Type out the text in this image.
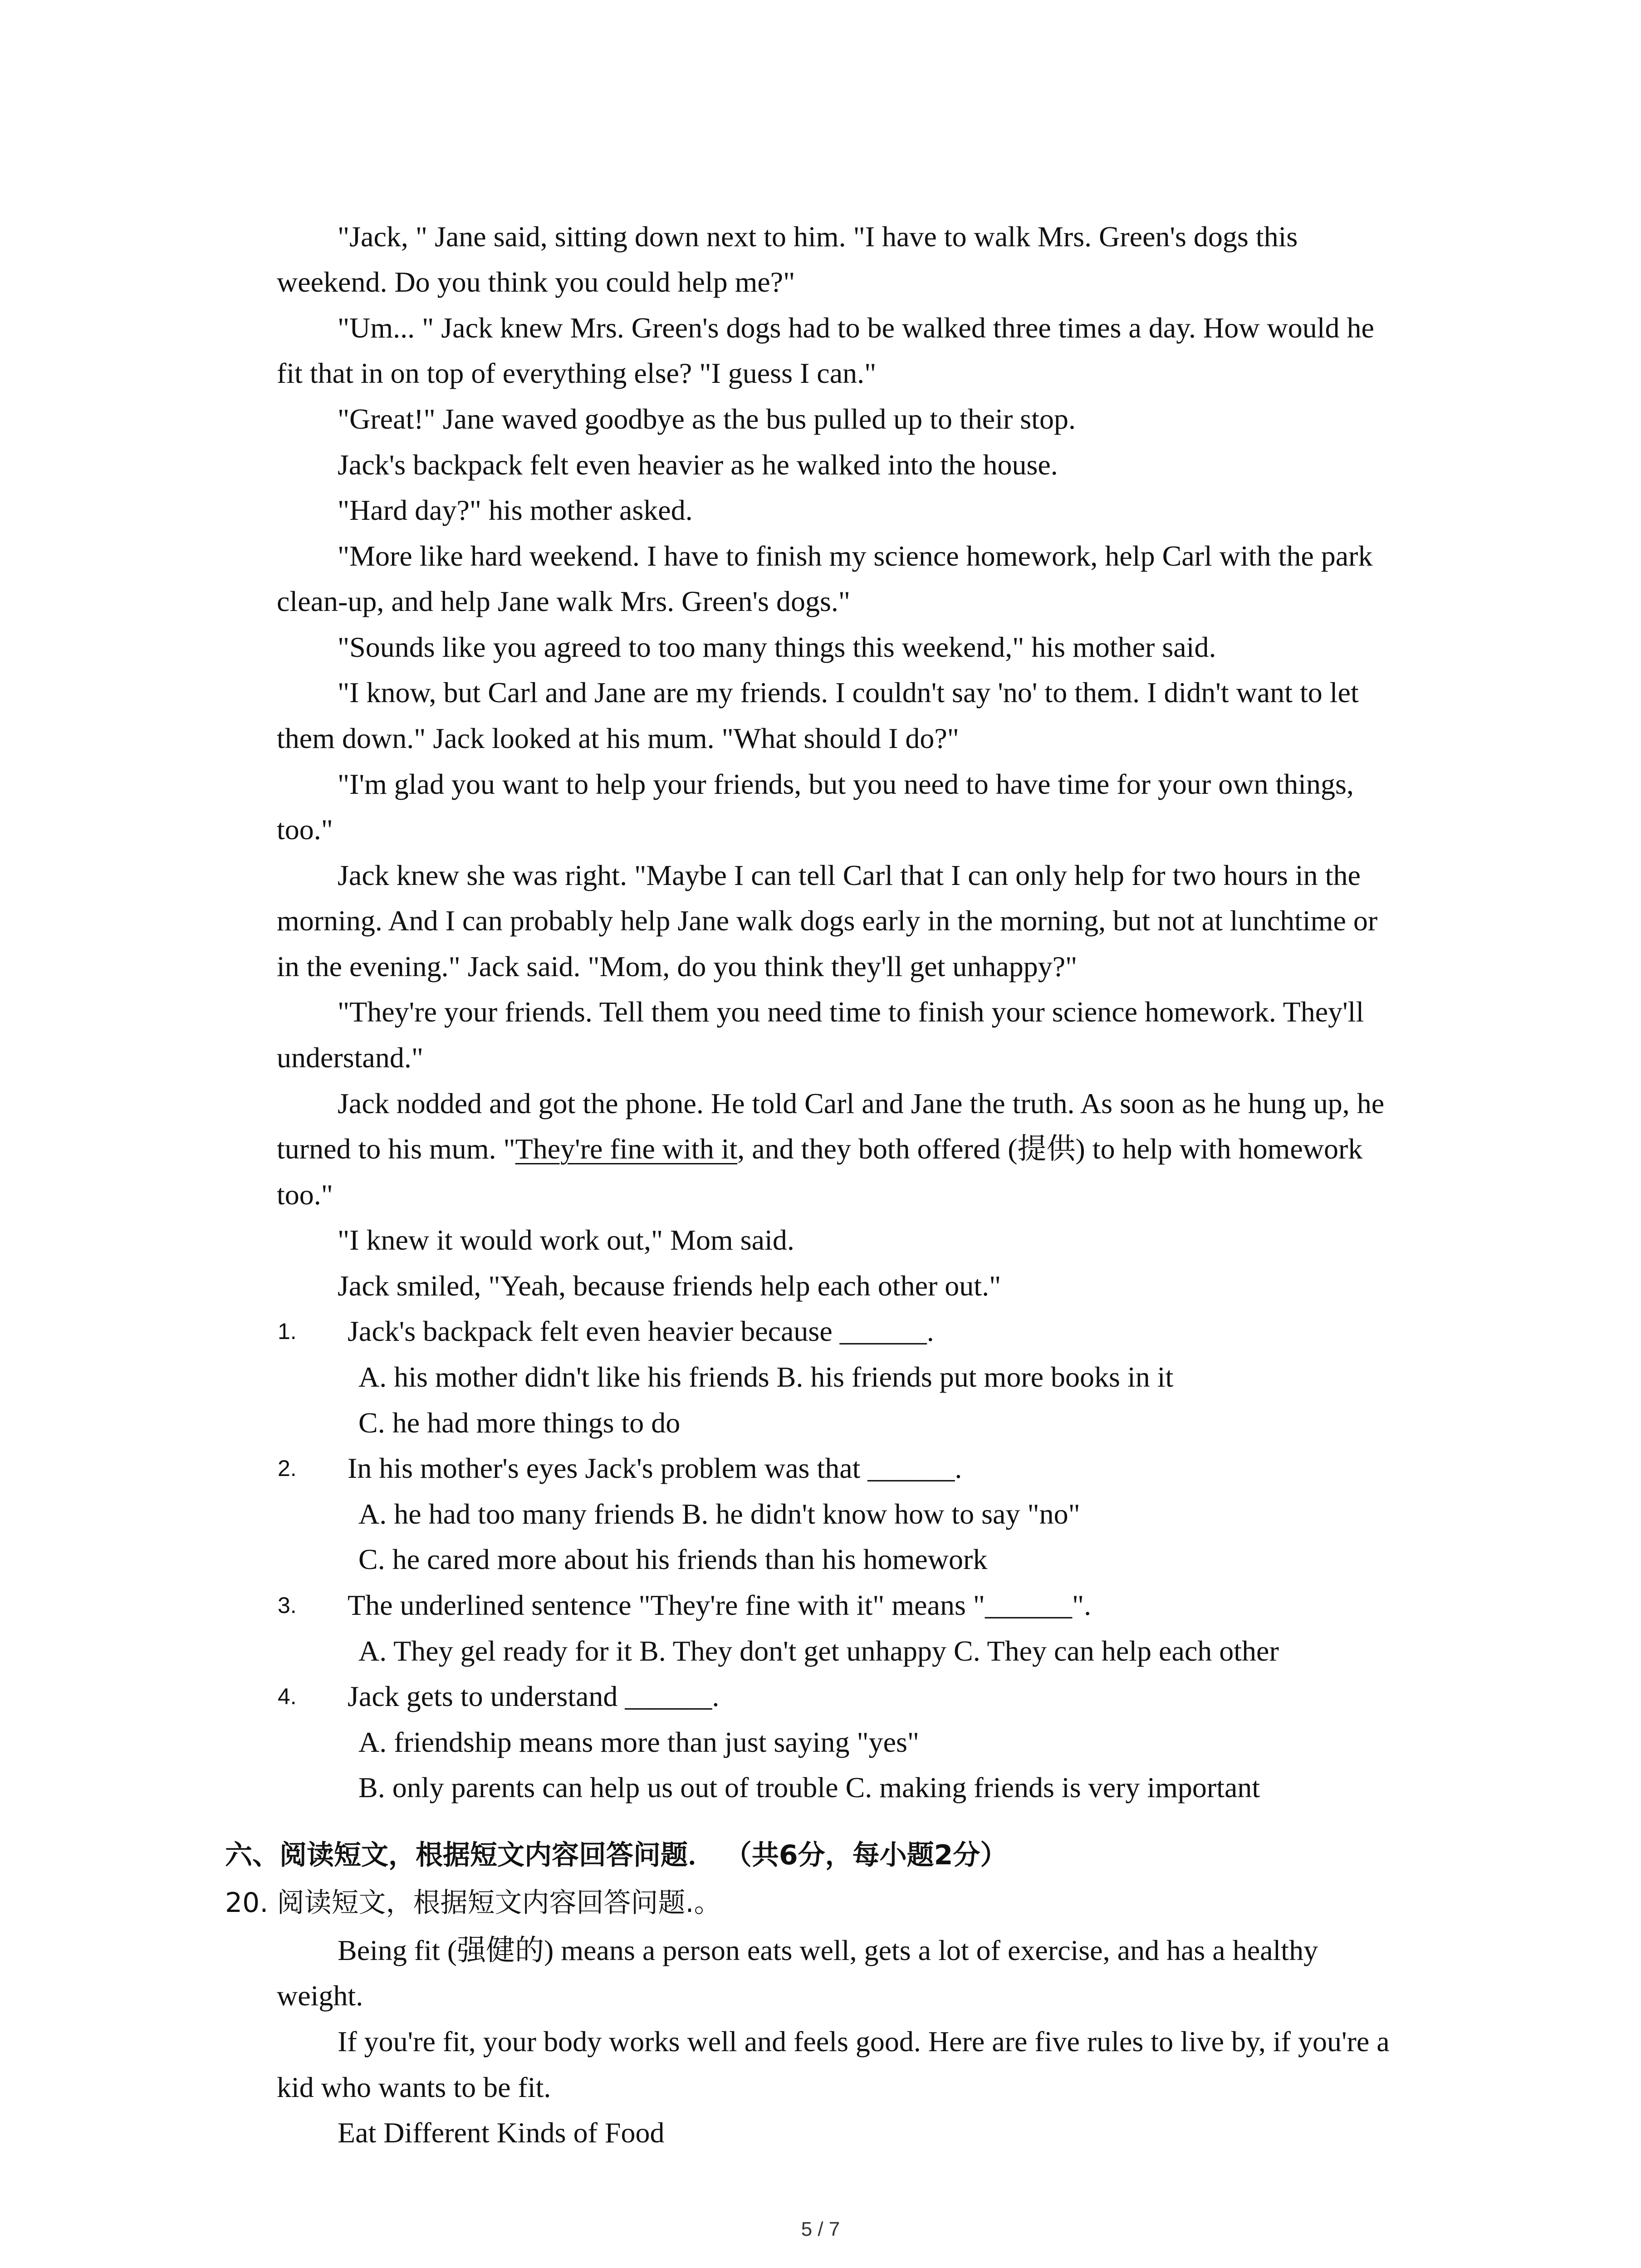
"Jack, " Jane said, sitting down next to him. "I have to walk Mrs. Green's dogs this
weekend. Do you think you could help me?"
"Um... " Jack knew Mrs. Green's dogs had to be walked three times a day. How would he
fit that in on top of everything else? "I guess I can."
"Great!" Jane waved goodbye as the bus pulled up to their stop.
Jack's backpack felt even heavier as he walked into the house.
"Hard day?" his mother asked.
"More like hard weekend. I have to finish my science homework, help Carl with the park
clean-up, and help Jane walk Mrs. Green's dogs."
"Sounds like you agreed to too many things this weekend," his mother said.
"I know, but Carl and Jane are my friends. I couldn't say 'no' to them. I didn't want to let
them down." Jack looked at his mum. "What should I do?"
"I'm glad you want to help your friends, but you need to have time for your own things,
too."
Jack knew she was right. "Maybe I can tell Carl that I can only help for two hours in the
morning. And I can probably help Jane walk dogs early in the morning, but not at lunchtime or
in the evening." Jack said. "Mom, do you think they'll get unhappy?"
"They're your friends. Tell them you need time to finish your science homework. They'll
understand."
Jack nodded and got the phone. He told Carl and Jane the truth. As soon as he hung up, he
turned to his mum. "They're fine with it, and they both offered (提供) to help with homework
too."
"I knew it would work out," Mom said.
Jack smiled, "Yeah, because friends help each other out."
1. Jack's backpack felt even heavier because ______.
A. his mother didn't like his friends B. his friends put more books in it
C. he had more things to do
2. In his mother's eyes Jack's problem was that ______.
A. he had too many friends B. he didn't know how to say "no"
C. he cared more about his friends than his homework
3. The underlined sentence "They're fine with it" means "______".
A. They gel ready for it B. They don't get unhappy C. They can help each other
4. Jack gets to understand ______.
A. friendship means more than just saying "yes"
B. only parents can help us out of trouble C. making friends is very important
六、阅读短文，根据短文内容回答问题． （共6分，每小题2分）
20. 阅读短文，根据短文内容回答问题.。
Being fit (强健的) means a person eats well, gets a lot of exercise, and has a healthy
weight.
If you're fit, your body works well and feels good. Here are five rules to live by, if you're a
kid who wants to be fit.
Eat Different Kinds of Food
5 / 7
